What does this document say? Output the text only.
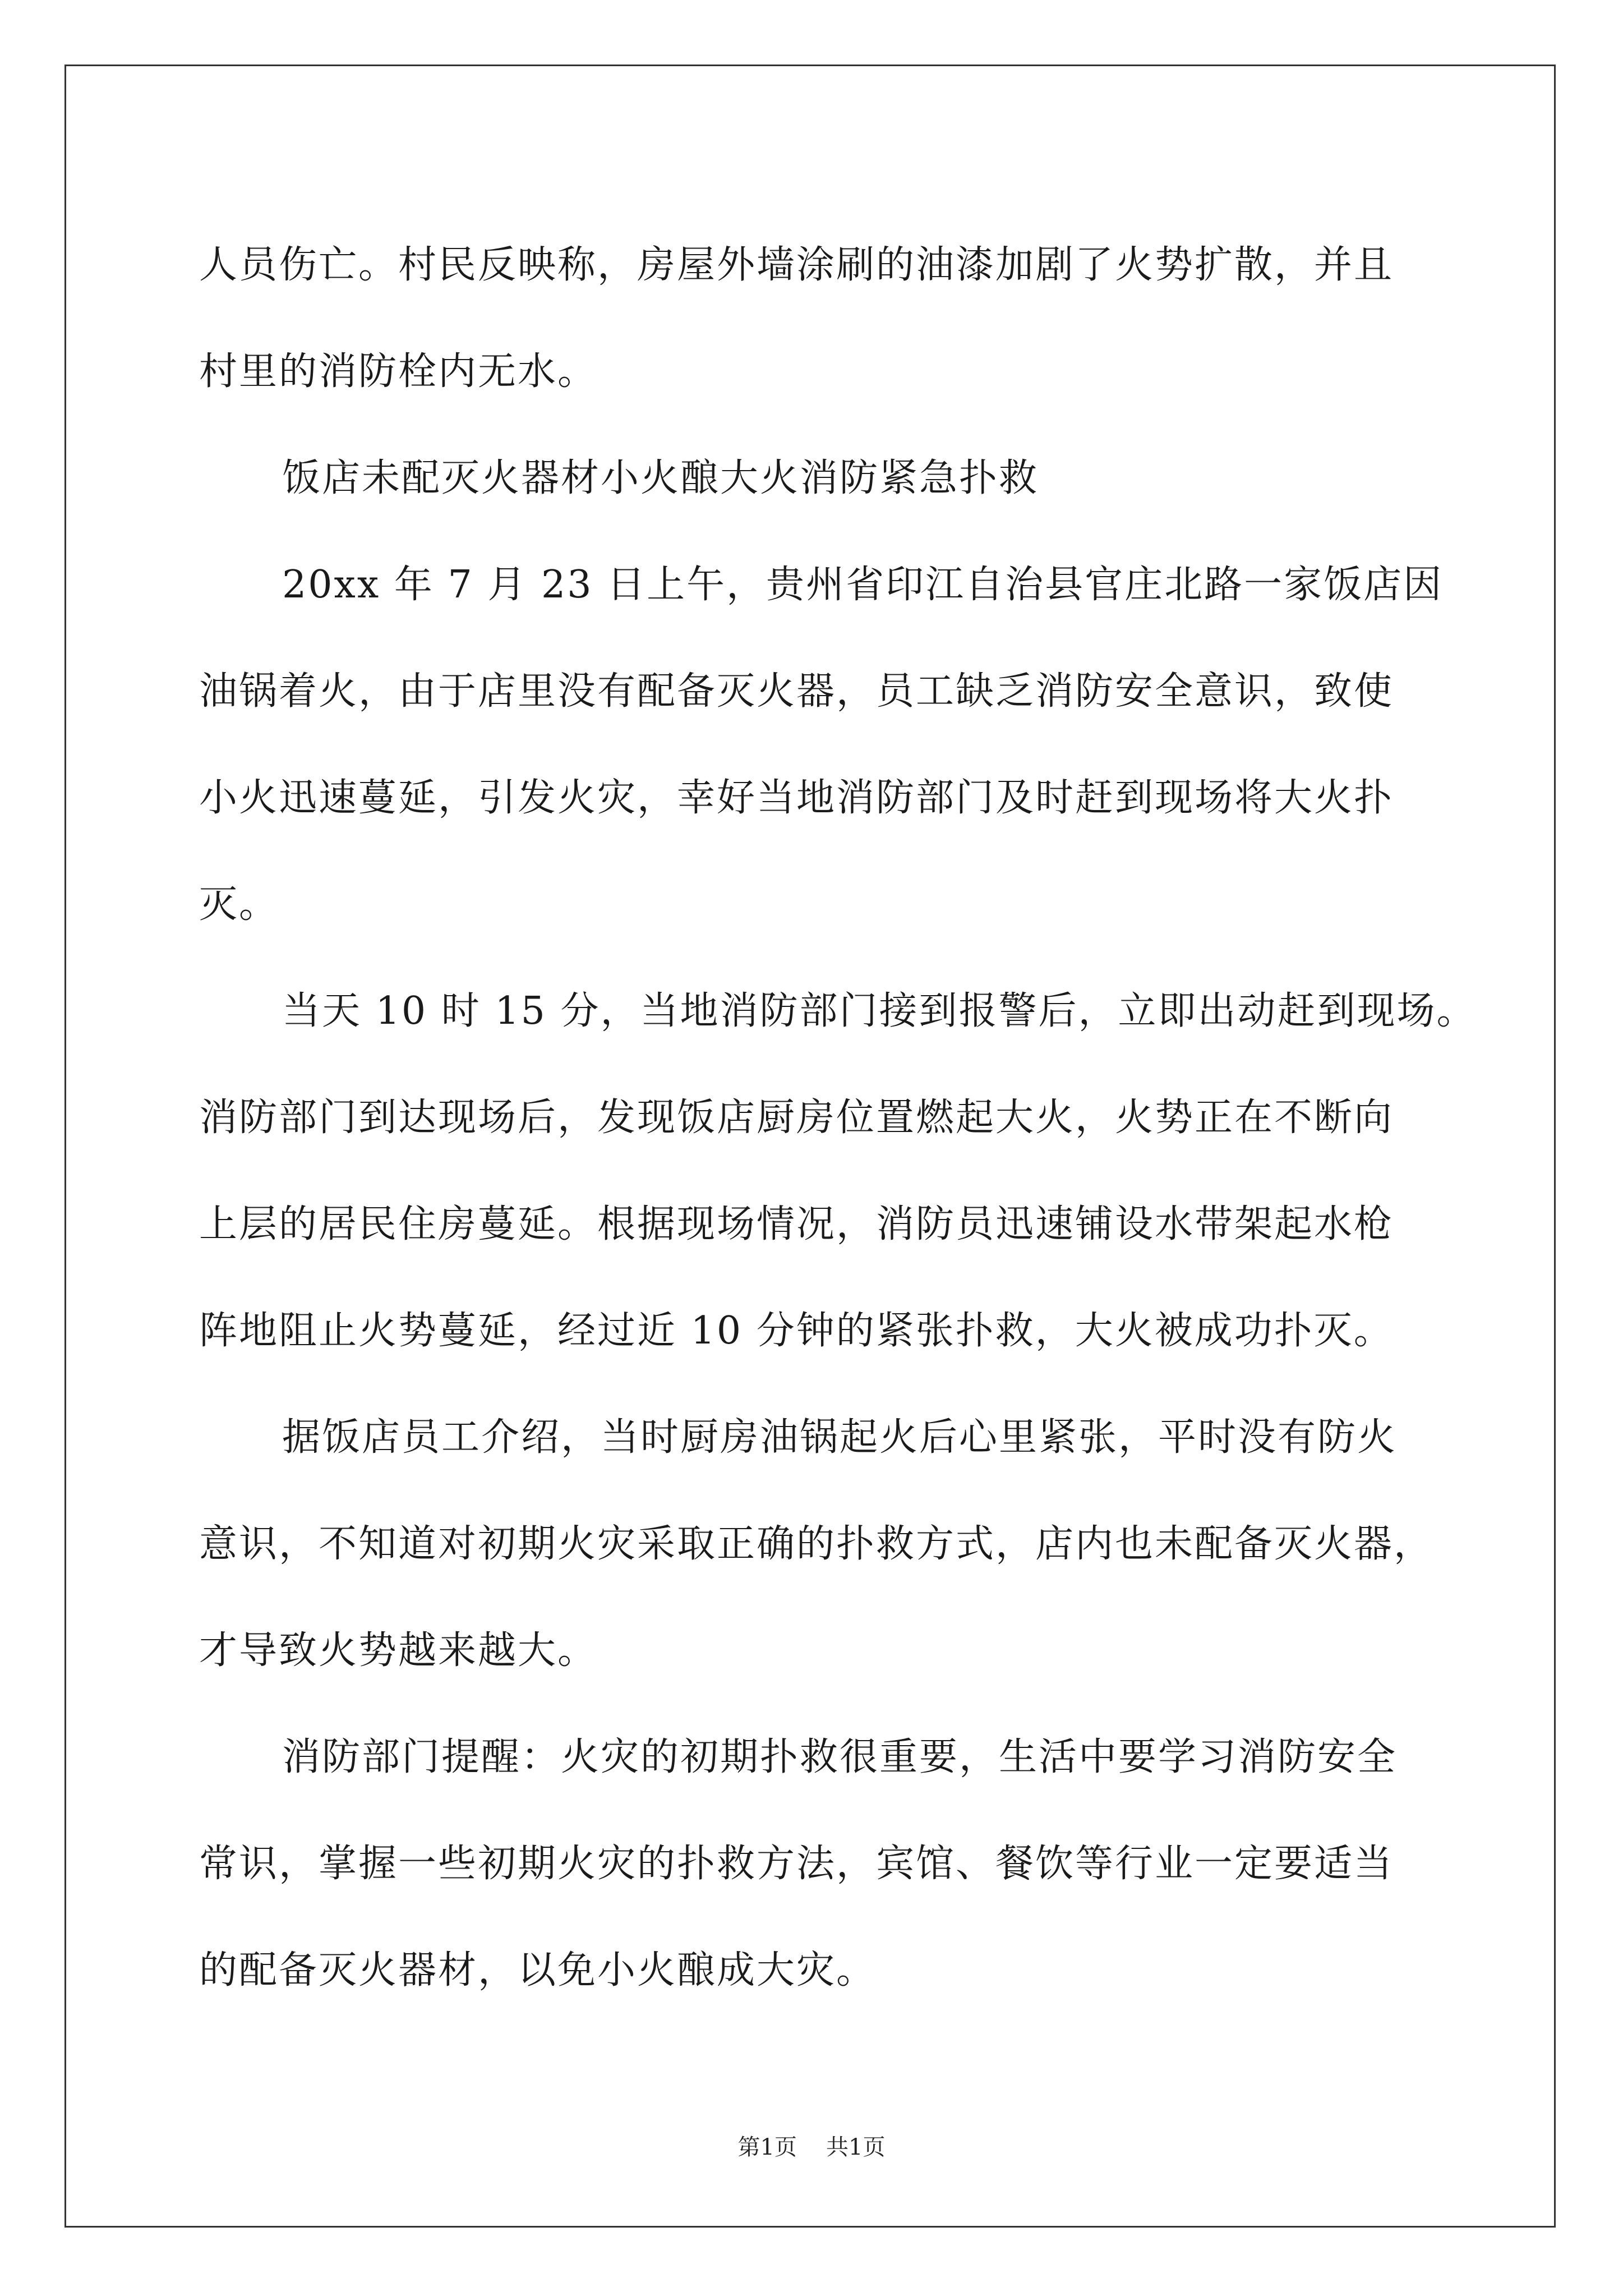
人员伤亡。村民反映称，房屋外墙涂刷的油漆加剧了火势扩散，并且

村里的消防栓内无水。

饭店未配灭火器材小火酿大火消防紧急扑救

20xx 年 7 月 23 日上午，贵州省印江自治县官庄北路一家饭店因

油锅着火，由于店里没有配备灭火器，员工缺乏消防安全意识，致使

小火迅速蔓延，引发火灾，幸好当地消防部门及时赶到现场将大火扑

灭。

当天 10 时 15 分，当地消防部门接到报警后，立即出动赶到现场。

消防部门到达现场后，发现饭店厨房位置燃起大火，火势正在不断向

上层的居民住房蔓延。根据现场情况，消防员迅速铺设水带架起水枪

阵地阻止火势蔓延，经过近 10 分钟的紧张扑救，大火被成功扑灭。

据饭店员工介绍，当时厨房油锅起火后心里紧张，平时没有防火

意识，不知道对初期火灾采取正确的扑救方式，店内也未配备灭火器，

才导致火势越来越大。

消防部门提醒：火灾的初期扑救很重要，生活中要学习消防安全

常识，掌握一些初期火灾的扑救方法，宾馆、餐饮等行业一定要适当

的配备灭火器材，以免小火酿成大灾。

第1页 共1页
